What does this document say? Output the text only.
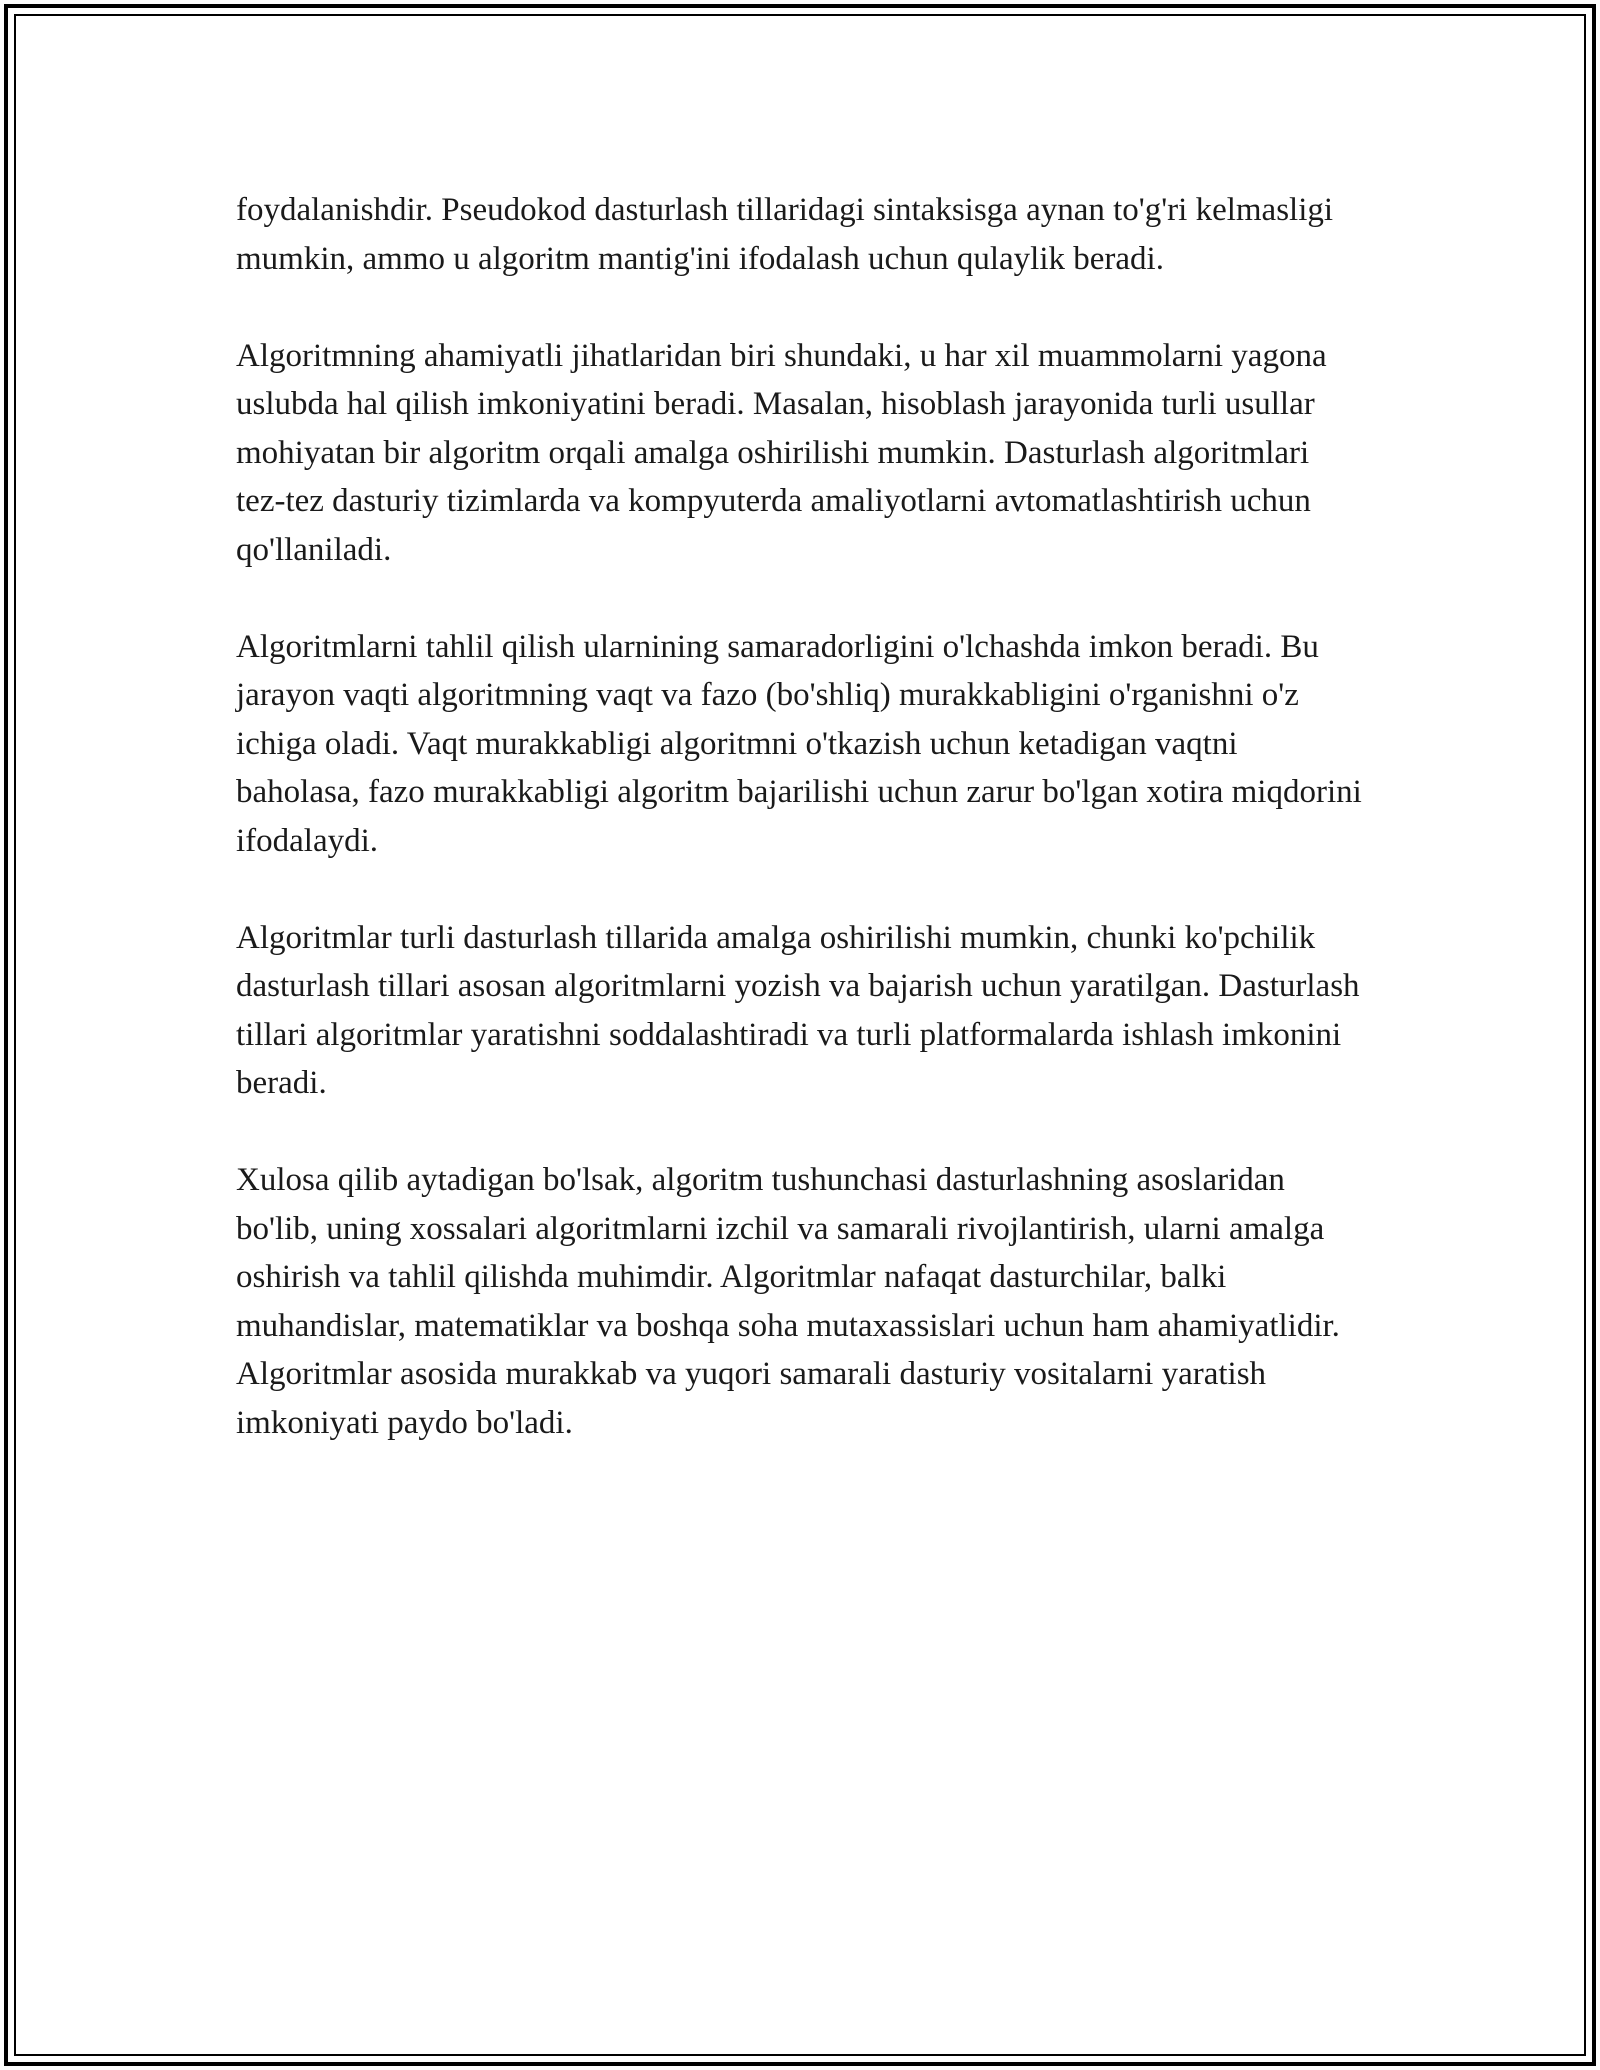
foydalanishdir. Pseudokod dasturlash tillaridagi sintaksisga aynan to'g'ri kelmasligi mumkin, ammo u algoritm mantig'ini ifodalash uchun qulaylik beradi.

Algoritmning ahamiyatli jihatlaridan biri shundaki, u har xil muammolarni yagona uslubda hal qilish imkoniyatini beradi. Masalan, hisoblash jarayonida turli usullar mohiyatan bir algoritm orqali amalga oshirilishi mumkin. Dasturlash algoritmlari tez-tez dasturiy tizimlarda va kompyuterda amaliyotlarni avtomatlashtirish uchun qo'llaniladi.

Algoritmlarni tahlil qilish ularnining samaradorligini o'lchashda imkon beradi. Bu jarayon vaqti algoritmning vaqt va fazo (bo'shliq) murakkabligini o'rganishni o'z ichiga oladi. Vaqt murakkabligi algoritmni o'tkazish uchun ketadigan vaqtni baholasa, fazo murakkabligi algoritm bajarilishi uchun zarur bo'lgan xotira miqdorini ifodalaydi.

Algoritmlar turli dasturlash tillarida amalga oshirilishi mumkin, chunki ko'pchilik dasturlash tillari asosan algoritmlarni yozish va bajarish uchun yaratilgan. Dasturlash tillari algoritmlar yaratishni soddalashtiradi va turli platformalarda ishlash imkonini beradi.

Xulosa qilib aytadigan bo'lsak, algoritm tushunchasi dasturlashning asoslaridan bo'lib, uning xossalari algoritmlarni izchil va samarali rivojlantirish, ularni amalga oshirish va tahlil qilishda muhimdir. Algoritmlar nafaqat dasturchilar, balki muhandislar, matematiklar va boshqa soha mutaxassislari uchun ham ahamiyatlidir. Algoritmlar asosida murakkab va yuqori samarali dasturiy vositalarni yaratish imkoniyati paydo bo'ladi.
